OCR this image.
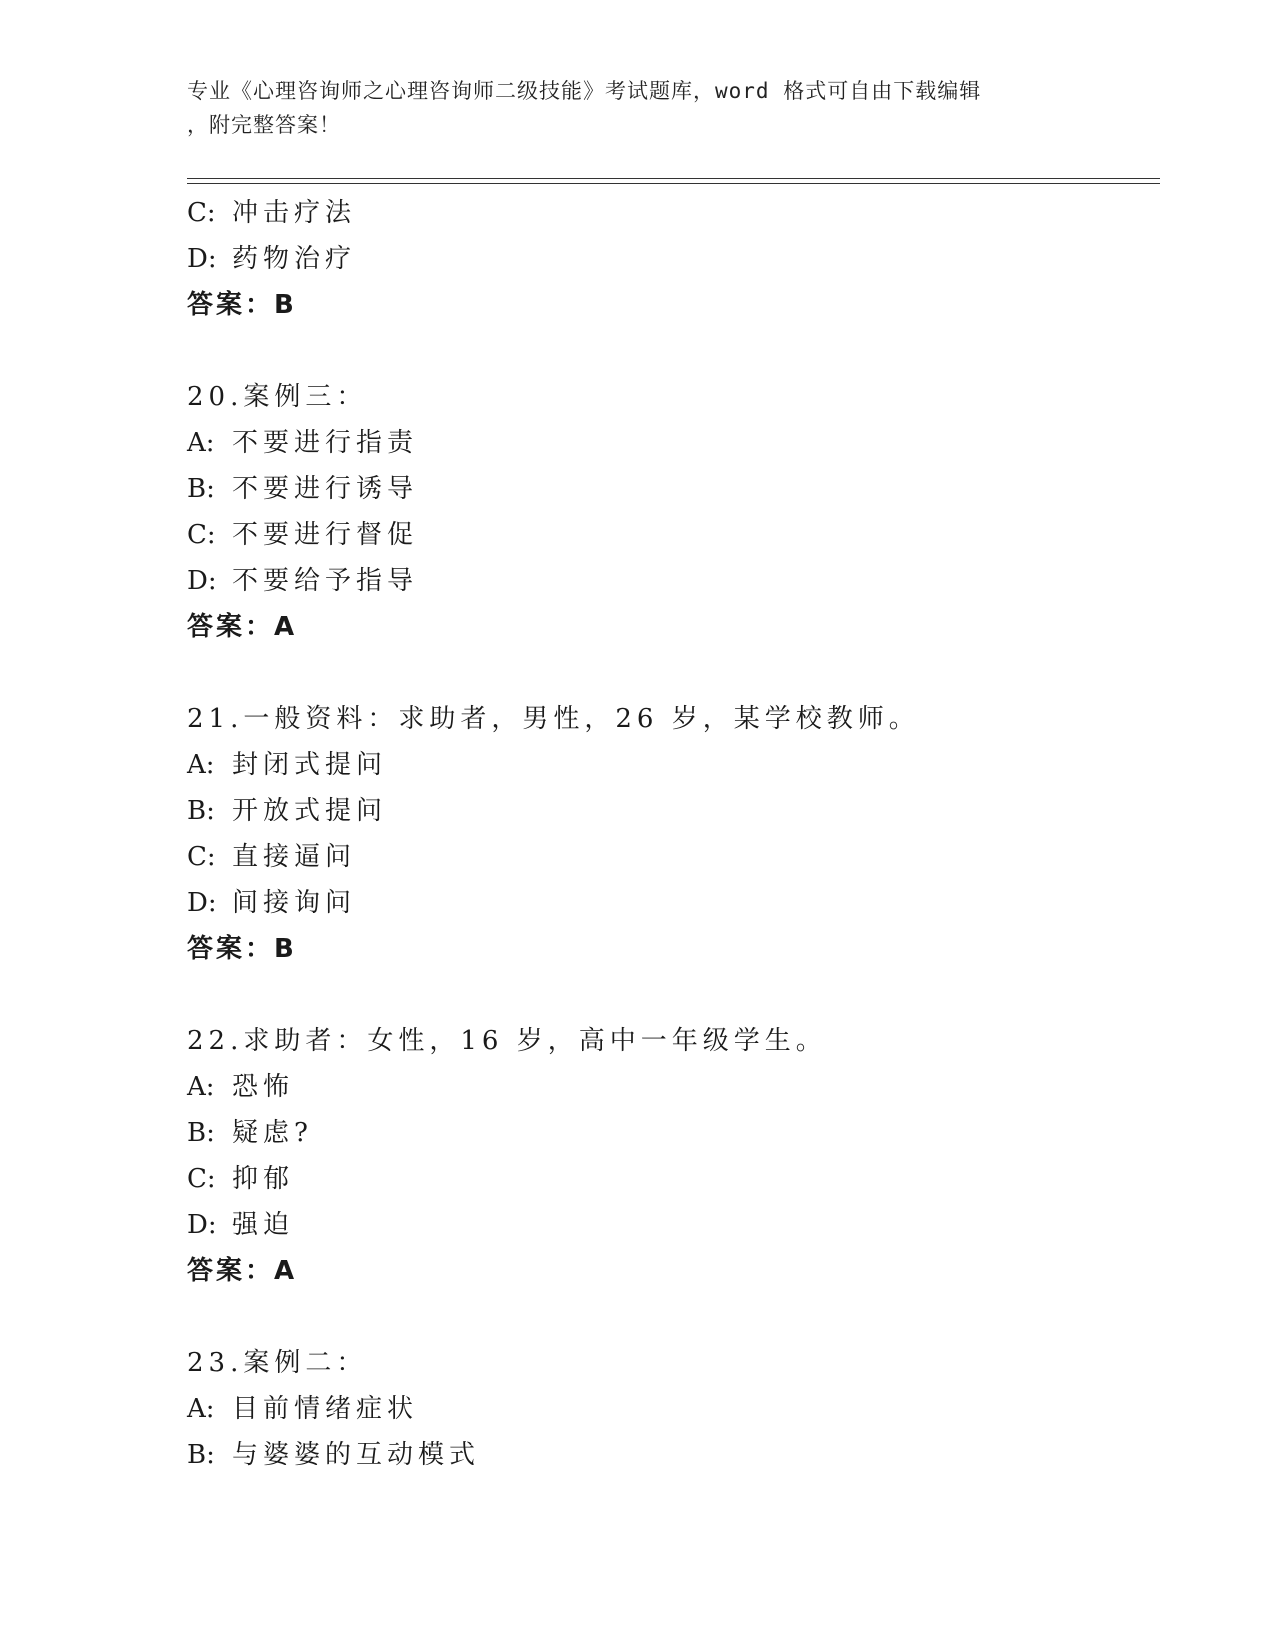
专业《心理咨询师之心理咨询师二级技能》考试题库，word 格式可自由下载编辑
，附完整答案！
C: 冲击疗法
D: 药物治疗
答案：B
20.案例三：
A: 不要进行指责
B: 不要进行诱导
C: 不要进行督促
D: 不要给予指导
答案：A
21.一般资料：求助者，男性，26 岁，某学校教师。
A: 封闭式提问
B: 开放式提问
C: 直接逼问
D: 间接询问
答案：B
22.求助者：女性，16 岁，高中一年级学生。
A: 恐怖
B: 疑虑?
C: 抑郁
D: 强迫
答案：A
23.案例二：
A: 目前情绪症状
B: 与婆婆的互动模式
